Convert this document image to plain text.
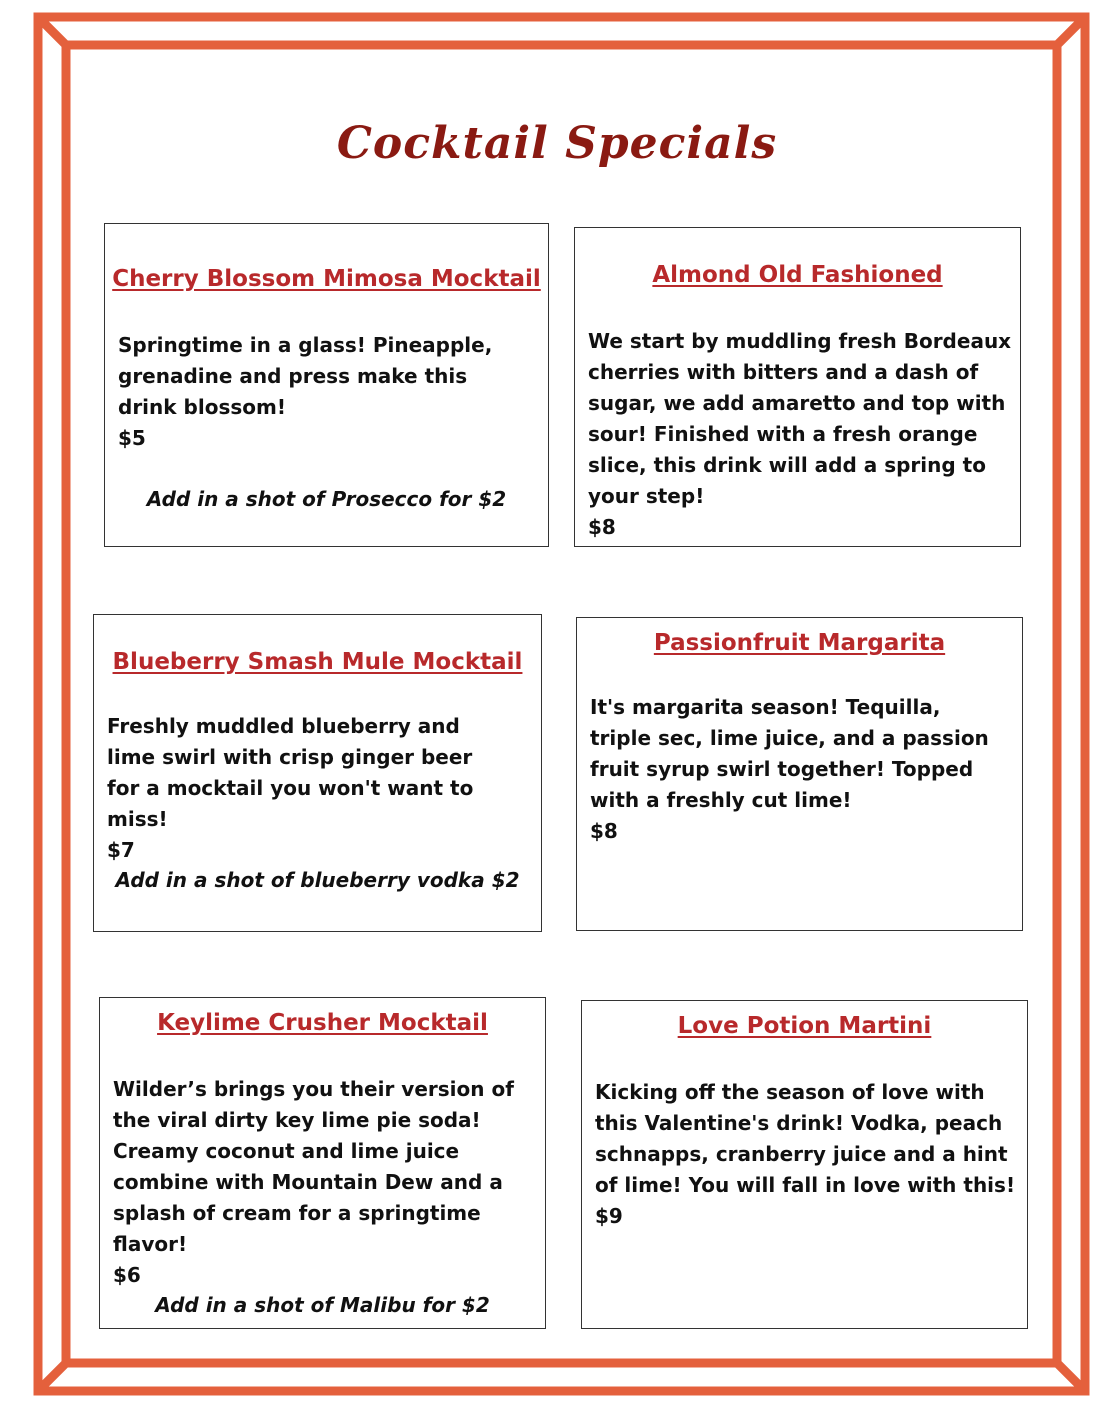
Cocktail Specials
Cherry Blossom Mimosa Mocktail
Springtime in a glass! Pineapple, grenadine and press make this drink blossom!
$5
Add in a shot of Prosecco for $2
Almond Old Fashioned
We start by muddling fresh Bordeaux cherries with bitters and a dash of sugar, we add amaretto and top with sour! Finished with a fresh orange slice, this drink will add a spring to your step!
$8
Blueberry Smash Mule Mocktail
Freshly muddled blueberry and lime swirl with crisp ginger beer for a mocktail you won't want to miss!
$7
Add in a shot of blueberry vodka $2
Passionfruit Margarita
It's margarita season! Tequilla, triple sec, lime juice, and a passion fruit syrup swirl together! Topped with a freshly cut lime!
$8
Keylime Crusher Mocktail
Wilder’s brings you their version of the viral dirty key lime pie soda! Creamy coconut and lime juice combine with Mountain Dew and a splash of cream for a springtime flavor!
$6
Add in a shot of Malibu for $2
Love Potion Martini
Kicking off the season of love with this Valentine's drink! Vodka, peach schnapps, cranberry juice and a hint of lime! You will fall in love with this!
$9
